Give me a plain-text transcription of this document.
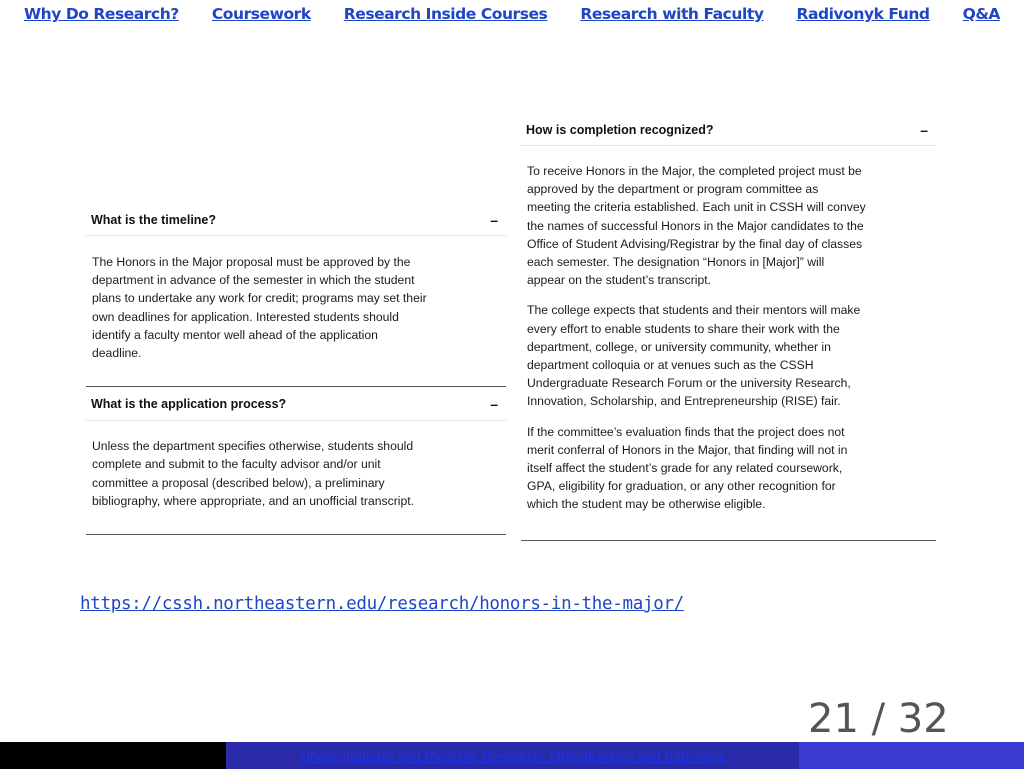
Why Do Research? Coursework Research Inside Courses Research with Faculty Radivonyk Fund Q&A
What is the timeline?	–

The Honors in the Major proposal must be approved by the
department in advance of the semester in which the student
plans to undertake any work for credit; programs may set their
own deadlines for application. Interested students should
identify a faculty mentor well ahead of the application
deadline.

What is the application process?	–

Unless the department specifies otherwise, students should
complete and submit to the faculty advisor and/or unit
committee a proposal (described below), a preliminary
bibliography, where appropriate, and an unofficial transcript.

How is completion recognized?	–

To receive Honors in the Major, the completed project must be
approved by the department or program committee as
meeting the criteria established. Each unit in CSSH will convey
the names of successful Honors in the Major candidates to the
Office of Student Advising/Registrar by the final day of classes
each semester. The designation “Honors in [Major]” will
appear on the student’s transcript.

The college expects that students and their mentors will make
every effort to enable students to share their work with the
department, college, or university community, whether in
department colloquia or at venues such as the CSSH
Undergraduate Research Forum or the university Research,
Innovation, Scholarship, and Entrepreneurship (RISE) fair.

If the committee’s evaluation finds that the project does not
merit conferral of Honors in the Major, that finding will not in
itself affect the student’s grade for any related coursework,
GPA, eligibility for graduation, or any other recognition for
which the student may be otherwise eligible.

https://cssh.northeastern.edu/research/honors-in-the-major/
21 / 32
Undergraduate and PlusOne Research: Opportunities and Pathways
